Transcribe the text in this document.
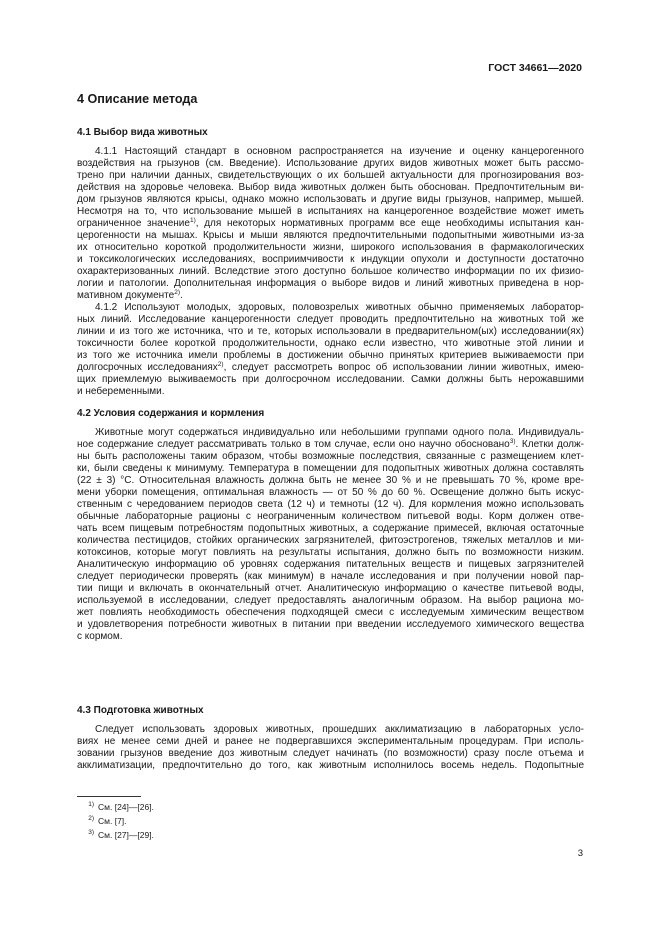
ГОСТ 34661—2020
4 Описание метода
4.1 Выбор вида животных
4.1.1 Настоящий стандарт в основном распространяется на изучение и оценку канцерогенного
воздействия на грызунов (см. Введение). Использование других видов животных может быть рассмо-
трено при наличии данных, свидетельствующих о их большей актуальности для прогнозирования воз-
действия на здоровье человека. Выбор вида животных должен быть обоснован. Предпочтительным ви-
дом грызунов являются крысы, однако можно использовать и другие виды грызунов, например, мышей.
Несмотря на то, что использование мышей в испытаниях на канцерогенное воздействие может иметь
ограниченное значение$^{1)}$, для некоторых нормативных программ все еще необходимы испытания кан-
церогенности на мышах. Крысы и мыши являются предпочтительными подопытными животными из-за
их относительно короткой продолжительности жизни, широкого использования в фармакологических
и токсикологических исследованиях, восприимчивости к индукции опухоли и доступности достаточно
охарактеризованных линий. Вследствие этого доступно большое количество информации по их физио-
логии и патологии. Дополнительная информация о выборе видов и линий животных приведена в нор-
мативном документе$^{2)}$.
4.1.2 Используют молодых, здоровых, половозрелых животных обычно применяемых лаборатор-
ных линий. Исследование канцерогенности следует проводить предпочтительно на животных той же
линии и из того же источника, что и те, которых использовали в предварительном(ых) исследовании(ях)
токсичности более короткой продолжительности, однако если известно, что животные этой линии и
из того же источника имели проблемы в достижении обычно принятых критериев выживаемости при
долгосрочных исследованиях$^{2)}$, следует рассмотреть вопрос об использовании линии животных, имею-
щих приемлемую выживаемость при долгосрочном исследовании. Самки должны быть нерожавшими
и небеременными.
4.2 Условия содержания и кормления
Животные могут содержаться индивидуально или небольшими группами одного пола. Индивидуаль-
ное содержание следует рассматривать только в том случае, если оно научно обосновано$^{3)}$. Клетки долж-
ны быть расположены таким образом, чтобы возможные последствия, связанные с размещением клет-
ки, были сведены к минимуму. Температура в помещении для подопытных животных должна составлять
(22 ± 3) °С. Относительная влажность должна быть не менее 30 % и не превышать 70 %, кроме вре-
мени уборки помещения, оптимальная влажность — от 50 % до 60 %. Освещение должно быть искус-
ственным с чередованием периодов света (12 ч) и темноты (12 ч). Для кормления можно использовать
обычные лабораторные рационы с неограниченным количеством питьевой воды. Корм должен отве-
чать всем пищевым потребностям подопытных животных, а содержание примесей, включая остаточные
количества пестицидов, стойких органических загрязнителей, фитоэстрогенов, тяжелых металлов и ми-
котоксинов, которые могут повлиять на результаты испытания, должно быть по возможности низким.
Аналитическую информацию об уровнях содержания питательных веществ и пищевых загрязнителей
следует периодически проверять (как минимум) в начале исследования и при получении новой пар-
тии пищи и включать в окончательный отчет. Аналитическую информацию о качестве питьевой воды,
используемой в исследовании, следует предоставлять аналогичным образом. На выбор рациона мо-
жет повлиять необходимость обеспечения подходящей смеси с исследуемым химическим веществом
и удовлетворения потребности животных в питании при введении исследуемого химического вещества
с кормом.
4.3 Подготовка животных
Следует использовать здоровых животных, прошедших акклиматизацию в лабораторных усло-
виях не менее семи дней и ранее не подвергавшихся экспериментальным процедурам. При исполь-
зовании грызунов введение доз животным следует начинать (по возможности) сразу после отъема и
акклиматизации, предпочтительно до того, как животным исполнилось восемь недель. Подопытные
$^{1)}$ См. [24]—[26].
$^{2)}$ См. [7].
$^{3)}$ См. [27]—[29].
3
